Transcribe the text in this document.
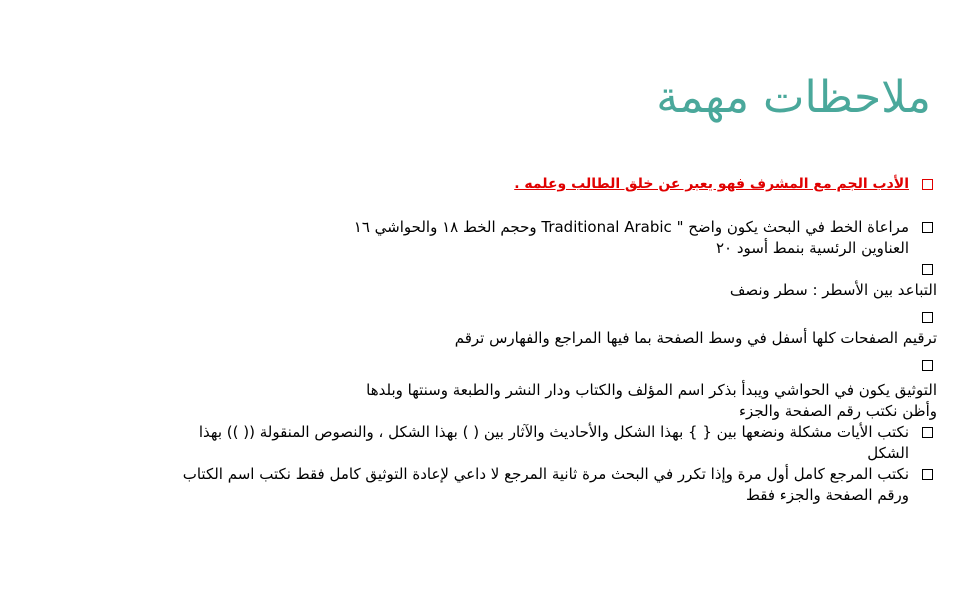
ملاحظات مهمة
الأدب الجم مع المشرف فهو يعبر عن خلق الطالب وعلمه .
مراعاة الخط في البحث يكون واضح " Traditional Arabic وحجم الخط ١٨ والحواشي ١٦
العناوين الرئسية بنمط أسود ٢٠
التباعد بين الأسطر : سطر ونصف
ترقيم الصفحات كلها أسفل في وسط الصفحة بما فيها المراجع والفهارس ترقم
التوثيق يكون في الحواشي ويبدأ بذكر اسم المؤلف والكتاب ودار النشر والطبعة وسنتها وبلدها
وأظن نكتب رقم الصفحة والجزء
نكتب الأيات مشكلة ونضعها بين { } بهذا الشكل والأحاديث والآثار بين ( ) بهذا الشكل ، والنصوص المنقولة (( )) بهذا
الشكل
نكتب المرجع كامل أول مرة وإذا تكرر في البحث مرة ثانية المرجع لا داعي لإعادة التوثيق كامل فقط نكتب اسم الكتاب
ورقم الصفحة والجزء فقط
